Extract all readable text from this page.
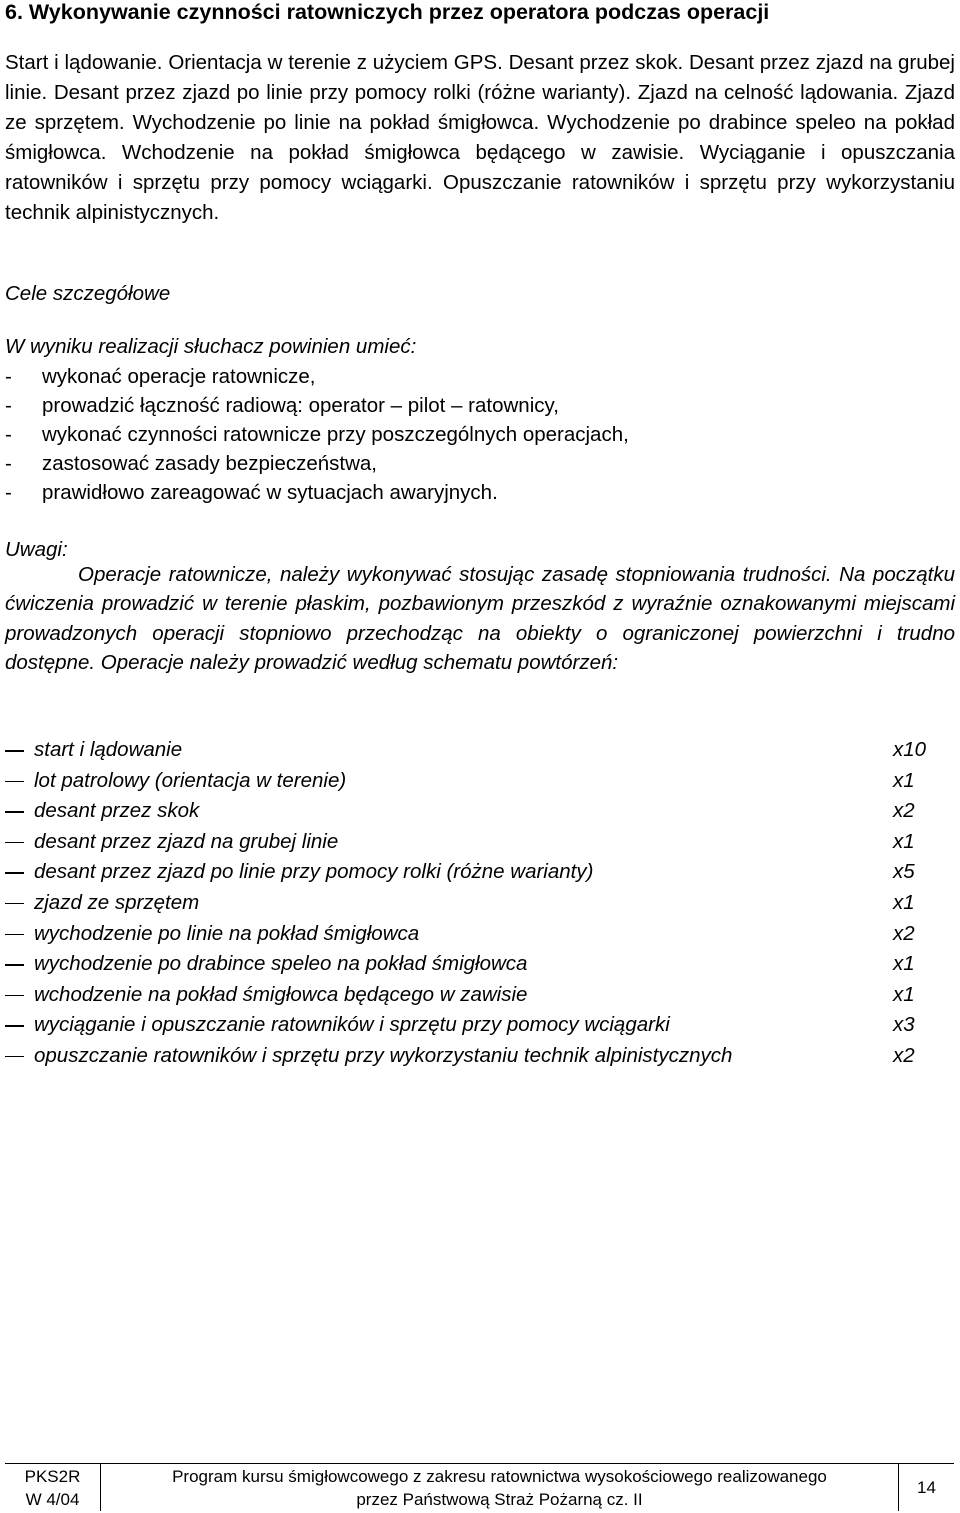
6. Wykonywanie czynności ratowniczych przez operatora podczas operacji

Start i lądowanie. Orientacja w terenie z użyciem GPS. Desant przez skok. Desant przez zjazd na grubej linie. Desant przez zjazd po linie przy pomocy rolki (różne warianty). Zjazd na celność lądowania. Zjazd ze sprzętem. Wychodzenie po linie na pokład śmigłowca. Wychodzenie po drabince speleo na pokład śmigłowca. Wchodzenie na pokład śmigłowca będącego w zawisie. Wyciąganie i opuszczania ratowników i sprzętu przy pomocy wciągarki. Opuszczanie ratowników i sprzętu przy wykorzystaniu technik alpinistycznych.

Cele szczegółowe
W wyniku realizacji słuchacz powinien umieć:
- wykonać operacje ratownicze,
- prowadzić łączność radiową: operator – pilot – ratownicy,
- wykonać czynności ratownicze przy poszczególnych operacjach,
- zastosować zasady bezpieczeństwa,
- prawidłowo zareagować w sytuacjach awaryjnych.
Uwagi:

Operacje ratownicze, należy wykonywać stosując zasadę stopniowania trudności. Na początku ćwiczenia prowadzić w terenie płaskim, pozbawionym przeszkód z wyraźnie oznakowanymi miejscami prowadzonych operacji stopniowo przechodząc na obiekty o ograniczonej powierzchni i trudno dostępne. Operacje należy prowadzić według schematu powtórzeń:

start i lądowanie	x10
lot patrolowy (orientacja w terenie)	x1
desant przez skok	x2
desant przez zjazd na grubej linie	x1
desant przez zjazd po linie przy pomocy rolki (różne warianty)	x5
zjazd ze sprzętem	x1
wychodzenie po linie na pokład śmigłowca	x2
wychodzenie po drabince speleo na pokład śmigłowca	x1
wchodzenie na pokład śmigłowca będącego w zawisie	x1
wyciąganie i opuszczanie ratowników i sprzętu przy pomocy wciągarki	x3
opuszczanie ratowników i sprzętu przy wykorzystaniu technik alpinistycznych	x2
PKS2R
W 4/04
Program kursu śmigłowcowego z zakresu ratownictwa wysokościowego realizowanego
przez Państwową Straż Pożarną cz. II
14
